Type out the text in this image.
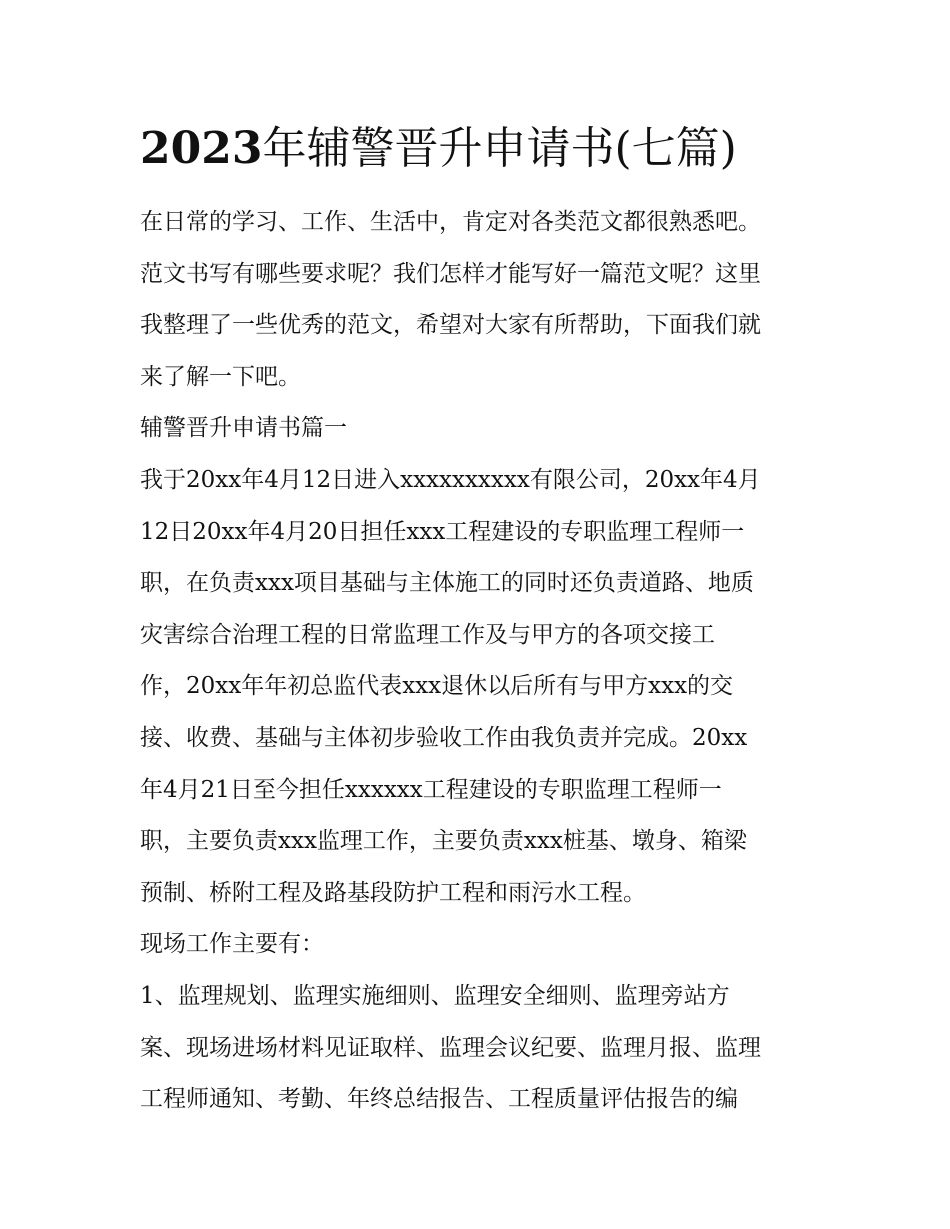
2023年辅警晋升申请书(七篇)
在日常的学习、工作、生活中，肯定对各类范文都很熟悉吧。
范文书写有哪些要求呢？我们怎样才能写好一篇范文呢？这里
我整理了一些优秀的范文，希望对大家有所帮助，下面我们就
来了解一下吧。
辅警晋升申请书篇一
我于20xx年4月12日进入xxxxxxxxxx有限公司，20xx年4月
12日20xx年4月20日担任xxx工程建设的专职监理工程师一
职，在负责xxx项目基础与主体施工的同时还负责道路、地质
灾害综合治理工程的日常监理工作及与甲方的各项交接工
作，20xx年年初总监代表xxx退休以后所有与甲方xxx的交
接、收费、基础与主体初步验收工作由我负责并完成。20xx
年4月21日至今担任xxxxxx工程建设的专职监理工程师一
职，主要负责xxx监理工作，主要负责xxx桩基、墩身、箱梁
预制、桥附工程及路基段防护工程和雨污水工程。
现场工作主要有：
1、监理规划、监理实施细则、监理安全细则、监理旁站方
案、现场进场材料见证取样、监理会议纪要、监理月报、监理
工程师通知、考勤、年终总结报告、工程质量评估报告的编
